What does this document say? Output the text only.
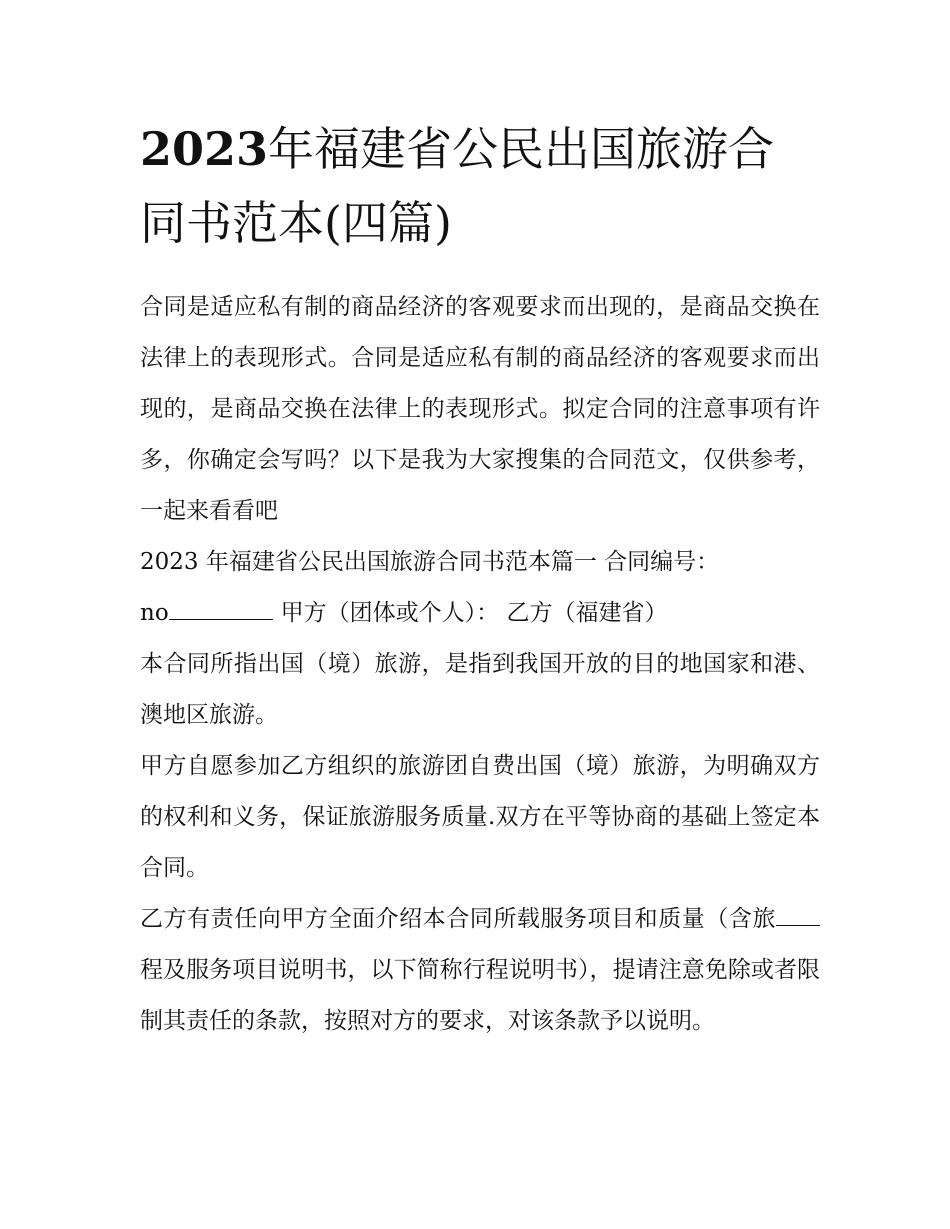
2023年福建省公民出国旅游合同书范本(四篇)

合同是适应私有制的商品经济的客观要求而出现的，是商品交换在法律上的表现形式。合同是适应私有制的商品经济的客观要求而出现的，是商品交换在法律上的表现形式。拟定合同的注意事项有许多，你确定会写吗？以下是我为大家搜集的合同范文，仅供参考，一起来看看吧

2023 年福建省公民出国旅游合同书范本篇一 合同编号：

no	甲方（团体或个人）： 乙方（福建省）

本合同所指出国（境）旅游，是指到我国开放的目的地国家和港、澳地区旅游。

甲方自愿参加乙方组织的旅游团自费出国（境）旅游，为明确双方的权利和义务，保证旅游服务质量.双方在平等协商的基础上签定本合同。

乙方有责任向甲方全面介绍本合同所载服务项目和质量（含旅程及服务项目说明书，以下简称行程说明书），提请注意免除或者限制其责任的条款，按照对方的要求，对该条款予以说明。
